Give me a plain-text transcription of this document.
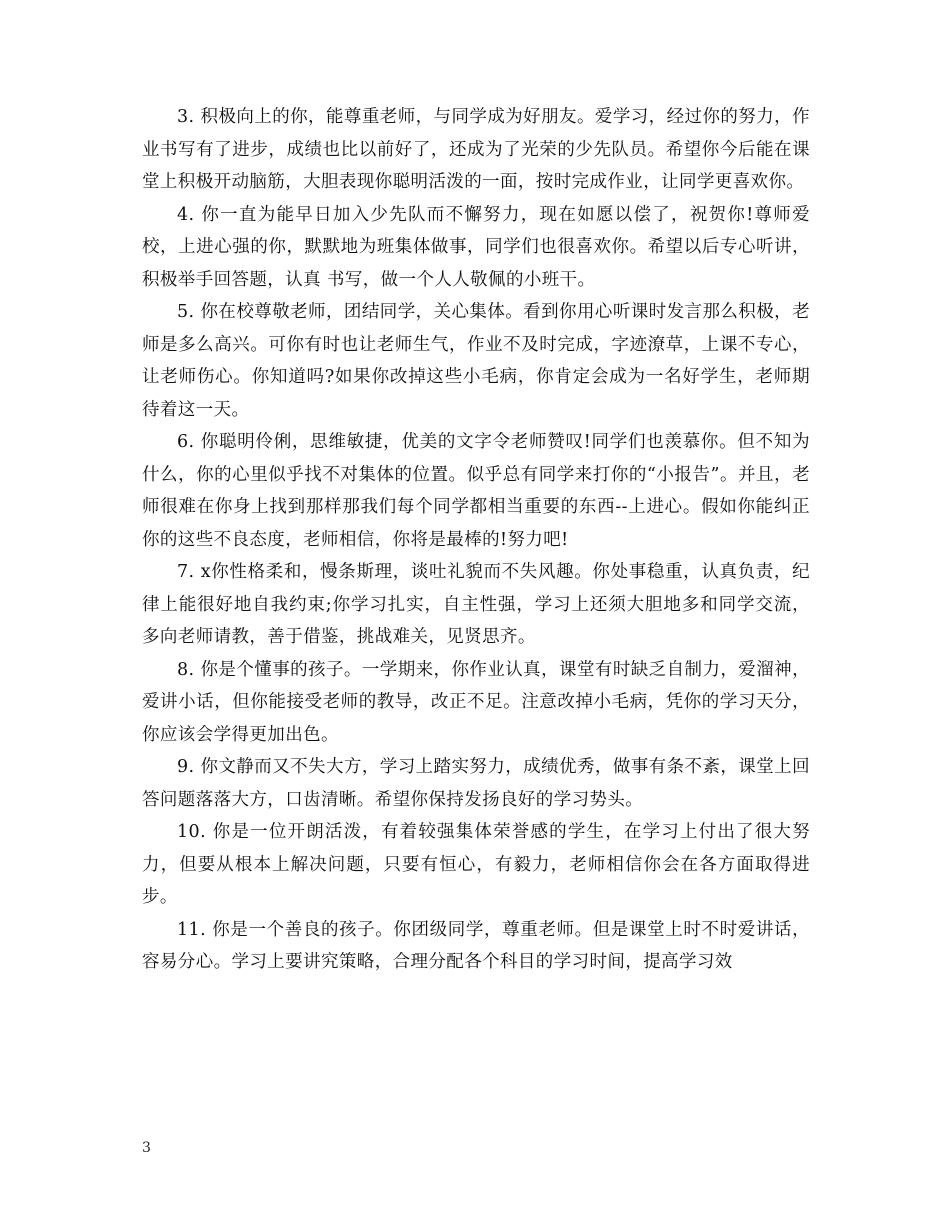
3. 积极向上的你，能尊重老师，与同学成为好朋友。爱学习，经过你的努力，作业书写有了进步，成绩也比以前好了，还成为了光荣的少先队员。希望你今后能在课堂上积极开动脑筋，大胆表现你聪明活泼的一面，按时完成作业，让同学更喜欢你。

4. 你一直为能早日加入少先队而不懈努力，现在如愿以偿了，祝贺你!尊师爱校，上进心强的你，默默地为班集体做事，同学们也很喜欢你。希望以后专心听讲，积极举手回答题，认真 书写，做一个人人敬佩的小班干。

5. 你在校尊敬老师，团结同学，关心集体。看到你用心听课时发言那么积极，老师是多么高兴。可你有时也让老师生气，作业不及时完成，字迹潦草，上课不专心，让老师伤心。你知道吗?如果你改掉这些小毛病，你肯定会成为一名好学生，老师期待着这一天。

6. 你聪明伶俐，思维敏捷，优美的文字令老师赞叹!同学们也羡慕你。但不知为什么，你的心里似乎找不对集体的位置。似乎总有同学来打你的“小报告”。并且，老师很难在你身上找到那样那我们每个同学都相当重要的东西--上进心。假如你能纠正你的这些不良态度，老师相信，你将是最棒的!努力吧!

7. x你性格柔和，慢条斯理，谈吐礼貌而不失风趣。你处事稳重，认真负责，纪律上能很好地自我约束;你学习扎实，自主性强，学习上还须大胆地多和同学交流，多向老师请教，善于借鉴，挑战难关，见贤思齐。

8. 你是个懂事的孩子。一学期来，你作业认真，课堂有时缺乏自制力，爱溜神，爱讲小话，但你能接受老师的教导，改正不足。注意改掉小毛病，凭你的学习天分，你应该会学得更加出色。

9. 你文静而又不失大方，学习上踏实努力，成绩优秀，做事有条不紊，课堂上回答问题落落大方，口齿清晰。希望你保持发扬良好的学习势头。

10. 你是一位开朗活泼，有着较强集体荣誉感的学生，在学习上付出了很大努力，但要从根本上解决问题，只要有恒心，有毅力，老师相信你会在各方面取得进步。

11. 你是一个善良的孩子。你团级同学，尊重老师。但是课堂上时不时爱讲话，容易分心。学习上要讲究策略，合理分配各个科目的学习时间，提高学习效

3
